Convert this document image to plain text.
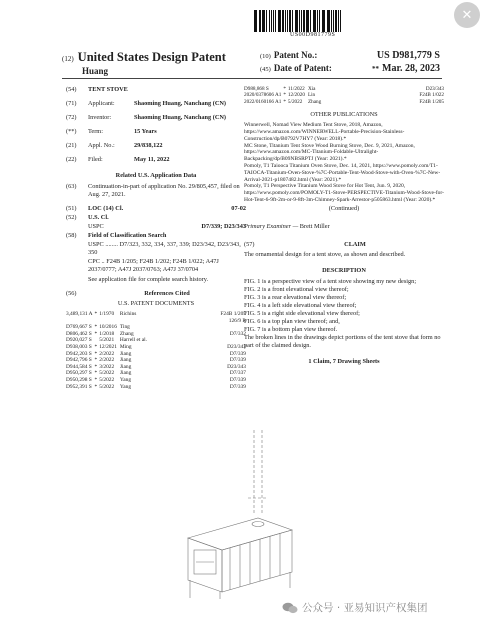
✕
US00D981779S
(12) United States Design Patent
Huang
(10) Patent No.:	US D981,779 S
(45) Date of Patent:	** Mar. 28, 2023
(54)	TENT STOVE
(71)	Applicant:	Shaoming Huang, Nanchang (CN)
(72)	Inventor:	Shaoming Huang, Nanchang (CN)
(**)	Term:	15 Years
(21)	Appl. No.:	29/838,122
(22)	Filed:	May 11, 2022
Related U.S. Application Data
(63)	Continuation-in-part of application No. 29/805,457, filed on Aug. 27, 2021.
(51)	LOC (14) Cl.	07-02
(52)	U.S. Cl.
USPC	D7/339; D23/343
(58)	Field of Classification Search
USPC ........ D7/323, 332, 334, 337, 339; D23/342, D23/343, 350
CPC .. F24B 1/205; F24B 1/202; F24B 1/022; A47J 2037/0777; A47J 2037/0763; A47J 37/0704
See application file for complete search history.
(56)	References Cited
U.S. PATENT DOCUMENTS
3,489,131 A	*	1/1970	Richins	F24B 1/205
				126/9 R
D769,667 S	*	10/2016	Ting	
D806,462 S	*	1/2018	Zhang	D7/332
D920,027 S		5/2021	Harrell et al.	
D938,003 S	*	12/2021	Ming	D23/343
D942,203 S	*	2/2022	Jiang	D7/339
D942,796 S	*	2/2022	Jiang	D7/339
D944,584 S	*	3/2022	Jiang	D23/343
D950,297 S	*	5/2022	Jiang	D7/337
D950,298 S	*	5/2022	Yang	D7/339
D952,391 S	*	5/2022	Yang	D7/339
D988,868 S	*	11/2022	Xia	D23/343
2020/0378606 A1	*	12/2020	Lin	F24B 1/022
2022/0160166 A1	*	5/2022	Zhang	F24B 1/205
OTHER PUBLICATIONS
Winnerwell, Nomad View Medium Tent Stove, 2018, Amazon, https://www.amazon.com/WINNERWELL-Portable-Precision-Stainless-Construction/dp/B0792V7HY7 (Year: 2018).*
MC Stone, Titanium Tent Stove Wood Burning Stove, Dec. 9, 2021, Amazon, https://www.amazon.com/MC-Titanium-Foldable-Ultralight-Backpacking/dp/B09NBSRPTJ (Year: 2021).*
Pomoly, T1 Taiooca Titanium Oven Stove, Dec. 14, 2021, https://www.pomoly.com/T1-TAIOCA-Titanium-Oven-Stove-%7C-Portable-Tent-Wood-Stove-with-Oven-%7C-New-Arrival-2021-p1807482.html (Year: 2021).*
Pomoly, T1 Perspective Titanium Wood Stove for Hot Tent, Jun. 9, 2020, https://www.pomoly.com/POMOLY-T1-Stove-PERSPECTIVE-Titanium-Wood-Stove-for-Hot-Tent-6-9ft-2m-or-9-8ft-3m-Chimney-Spark-Arrestor-p505863.html (Year: 2020).*
(Continued)
Primary Examiner — Brett Miller
(57)	CLAIM
The ornamental design for a tent stove, as shown and described.
DESCRIPTION
FIG. 1 is a perspective view of a tent stove showing my new design;
FIG. 2 is a front elevational view thereof;
FIG. 3 is a rear elevational view thereof;
FIG. 4 is a left side elevational view thereof;
FIG. 5 is a right side elevational view thereof;
FIG. 6 is a top plan view thereof; and,
FIG. 7 is a bottom plan view thereof.
The broken lines in the drawings depict portions of the tent stove that form no part of the claimed design.
1 Claim, 7 Drawing Sheets
公众号 · 亚易知识产权集团
